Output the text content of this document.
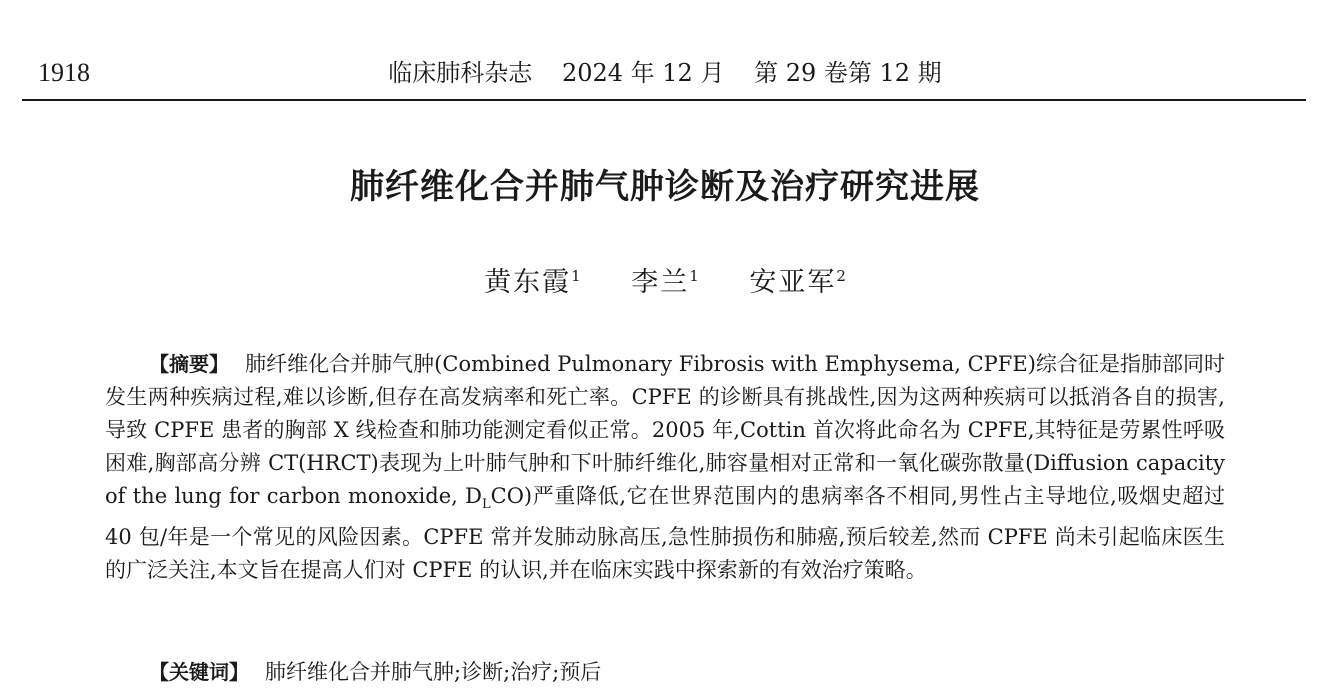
1918	临床肺科杂志 2024 年 12 月 第 29 卷第 12 期
肺纤维化合并肺气肿诊断及治疗研究进展
黄东霞$^1$ 李兰$^1$ 安亚军$^2$

【摘要】 肺纤维化合并肺气肿(Combined Pulmonary Fibrosis with Emphysema, CPFE)综合征是指肺部同时发生两种疾病过程,难以诊断,但存在高发病率和死亡率。CPFE 的诊断具有挑战性,因为这两种疾病可以抵消各自的损害,导致 CPFE 患者的胸部 X 线检查和肺功能测定看似正常。2005 年,Cottin 首次将此命名为 CPFE,其特征是劳累性呼吸困难,胸部高分辨 CT(HRCT)表现为上叶肺气肿和下叶肺纤维化,肺容量相对正常和一氧化碳弥散量(Diffusion capacity of the lung for carbon monoxide, $D_LCO$)严重降低,它在世界范围内的患病率各不相同,男性占主导地位,吸烟史超过 40 包/年是一个常见的风险因素。CPFE 常并发肺动脉高压,急性肺损伤和肺癌,预后较差,然而 CPFE 尚未引起临床医生的广泛关注,本文旨在提高人们对 CPFE 的认识,并在临床实践中探索新的有效治疗策略。

【关键词】 肺纤维化合并肺气肿;诊断;治疗;预后
